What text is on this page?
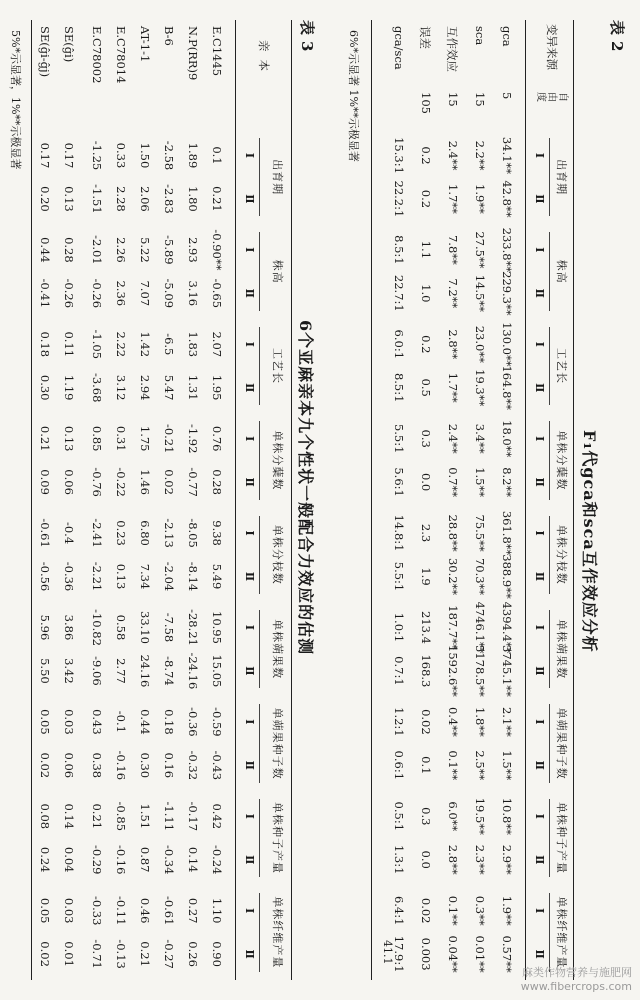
表2
F₁代gca和sca互作效应分析
变异来源
自由度
出育期
Ⅰ
Ⅱ
株高
Ⅰ
Ⅱ
工艺长
Ⅰ
Ⅱ
单株分蘖数
Ⅰ
Ⅱ
单株分枝数
Ⅰ
Ⅱ
单株蒴果数
Ⅰ
Ⅱ
单蒴果种子数
Ⅰ
Ⅱ
单株种子产量
Ⅰ
Ⅱ
单株纤维产量
Ⅰ
Ⅱ
gca
5
34.1**
42.8**
233.8**
229.3**
130.0**
164.8**
18.0**
8.2**
361.8**
388.9**
4394.4**
3745.1**
2.1**
1.5**
10.8**
2.9**
1.9**
0.57**
sca
15
2.2**
1.9**
27.5**
14.5**
23.0**
19.3**
3.4**
1.5**
75.5**
70.3**
4746.1**
5178.5**
1.8**
2.5**
19.5**
2.3**
0.3**
0.01**
互作效应
15
2.4**
1.7**
7.8**
7.2**
2.8**
1.7**
2.4**
0.7**
28.8**
30.2**
187.7**
1592.6**
0.4**
0.1**
6.0**
2.8**
0.1**
0.04**
误差
105
0.2
0.2
1.1
1.0
0.2
0.5
0.3
0.0
2.3
1.9
213.4
168.3
0.02
0.1
0.3
0.0
0.02
0.003
gca/sca
15.3:1
22.2:1
8.5:1
22.7:1
6.0:1
8.5:1
5.5:1
5.6:1
14.8:1
5.5:1
1.0:1
0.7:1
1.2:1
0.6:1
0.5:1
1.3:1
6.4:1
17.9:1
41.1
6%*示显著 1%**示极显著
表3
6个亚麻亲本九个性状一般配合力效应的估测
亲本
出育期
Ⅰ
Ⅱ
株高
Ⅰ
Ⅱ
工艺长
Ⅰ
Ⅱ
单株分蘖数
Ⅰ
Ⅱ
单株分枝数
Ⅰ
Ⅱ
单株蒴果数
Ⅰ
Ⅱ
单蒴果种子数
Ⅰ
Ⅱ
单株种子产量
Ⅰ
Ⅱ
单株纤维产量
Ⅰ
Ⅱ
E.C1445
0.1
0.21
-0.90**
-0.65
2.07
1.95
0.76
0.28
9.38
5.49
10.95
15.05
-0.59
-0.43
0.42
-0.24
1.10
0.90
N.P(RR)9
1.89
1.80
2.93
3.16
1.83
1.31
-1.92
-0.77
-8.05
-8.14
-28.21
-24.16
-0.36
-0.32
-0.17
0.14
0.27
0.26
B-6
-2.58
-2.83
-5.89
-5.09
-6.5
5.47
-0.21
0.02
-2.13
-2.04
-7.58
-8.74
0.18
0.16
-1.11
-0.34
-0.61
-0.27
AT-1-1
1.50
2.06
5.22
7.07
1.42
2.94
1.75
1.46
6.80
7.34
33.10
24.16
0.44
0.30
1.51
0.87
0.46
0.21
E.C78014
0.33
2.28
2.26
2.36
2.22
3.12
0.31
-0.22
0.23
0.13
0.58
2.77
-0.1
-0.16
-0.85
-0.16
-0.11
-0.13
E.C78002
-1.25
-1.51
-2.01
-0.26
-1.05
-3.68
0.85
-0.76
-2.41
-2.21
-10.82
-9.06
0.43
0.38
0.21
-0.29
-0.33
-0.71
SE(ĝi)
0.17
0.13
0.28
-0.26
0.11
1.19
0.13
0.06
-0.4
-0.36
3.86
3.42
0.03
0.06
0.14
0.04
0.03
0.01
SE(ĝi-ĝj)
0.17
0.20
0.44
-0.41
0.18
0.30
0.21
0.09
-0.61
-0.56
5.96
5.50
0.05
0.02
0.08
0.24
0.05
0.02
5%*示显著，1%**示极显著
麻类作物营养与施肥网
www.fibercrops.com
